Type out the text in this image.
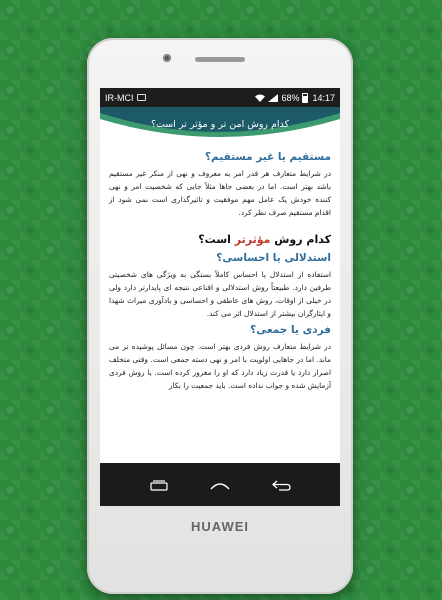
IR-MCI	68% 14:17
کدام روش امن تر و مؤثر تر است؟
مستقیم یا غیر مستقیم؟

در شرایط متعارف هر قدر امر به معروف و نهی از منکر غیر مستقیم باشد بهتر است. اما در بعضی جاها مثلاً جایی که شخصیت امر و نهی کننده خودش یک عامل مهم موفقیت و تاثیرگذاری است نمی شود از اقدام مستقیم صرف نظر کرد.

کدام روش مؤثرتر است؟
استدلالی یا احساسی؟

استفاده از استدلال یا احساس کاملاً بستگی به ویژگی های شخصیتی طرفین دارد. طبیعتاً روش استدلالی و اقناعی نتیجه ای پایدارتر دارد ولی در خیلی از اوقات، روش های عاطفی و احساسی و یادآوری میراث شهدا و ایثارگران بیشتر از استدلال اثر می کند.

فردی یا جمعی؟

در شرایط متعارف روش فردی بهتر است. چون مسائل پوشیده تر می ماند. اما در جاهایی اولویت با امر و نهی دسته جمعی است. وقتی متخلف اصرار دارد یا قدرت زیاد دارد که او را مغرور کرده است. یا روش فردی آزمایش شده و جواب نداده است. باید جمعیت را بکار

HUAWEI
